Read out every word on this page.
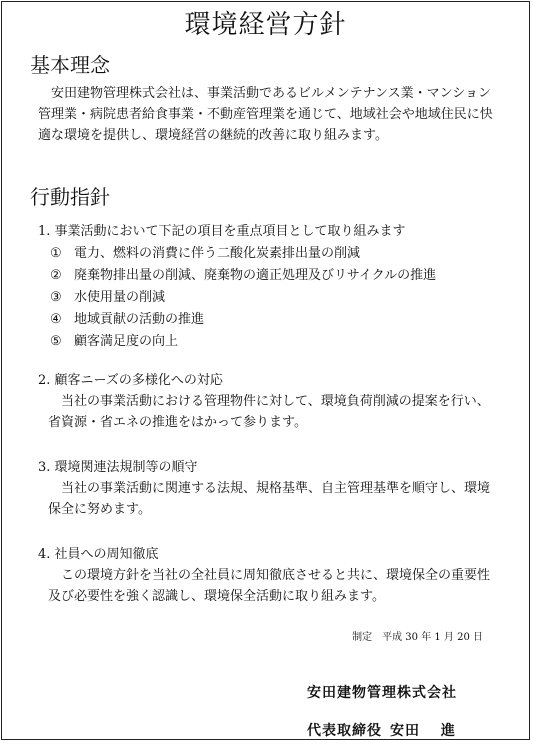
環境経営方針
基本理念

安田建物管理株式会社は、事業活動であるビルメンテナンス業・マンション管理業・病院患者給食事業・不動産管理業を通じて、地域社会や地域住民に快適な環境を提供し、環境経営の継続的改善に取り組みます。

行動指針

1. 事業活動において下記の項目を重点項目として取り組みます

① 電力、燃料の消費に伴う二酸化炭素排出量の削減
② 廃棄物排出量の削減、廃棄物の適正処理及びリサイクルの推進
③ 水使用量の削減
④ 地域貢献の活動の推進
⑤ 顧客満足度の向上

2. 顧客ニーズの多様化への対応

当社の事業活動における管理物件に対して、環境負荷削減の提案を行い、省資源・省エネの推進をはかって参ります。

3. 環境関連法規制等の順守

当社の事業活動に関連する法規、規格基準、自主管理基準を順守し、環境保全に努めます。

4. 社員への周知徹底

この環境方針を当社の全社員に周知徹底させると共に、環境保全の重要性及び必要性を強く認識し、環境保全活動に取り組みます。

制定　平成 30 年 1 月 20 日

安田建物管理株式会社

代表取締役 安田　 進
